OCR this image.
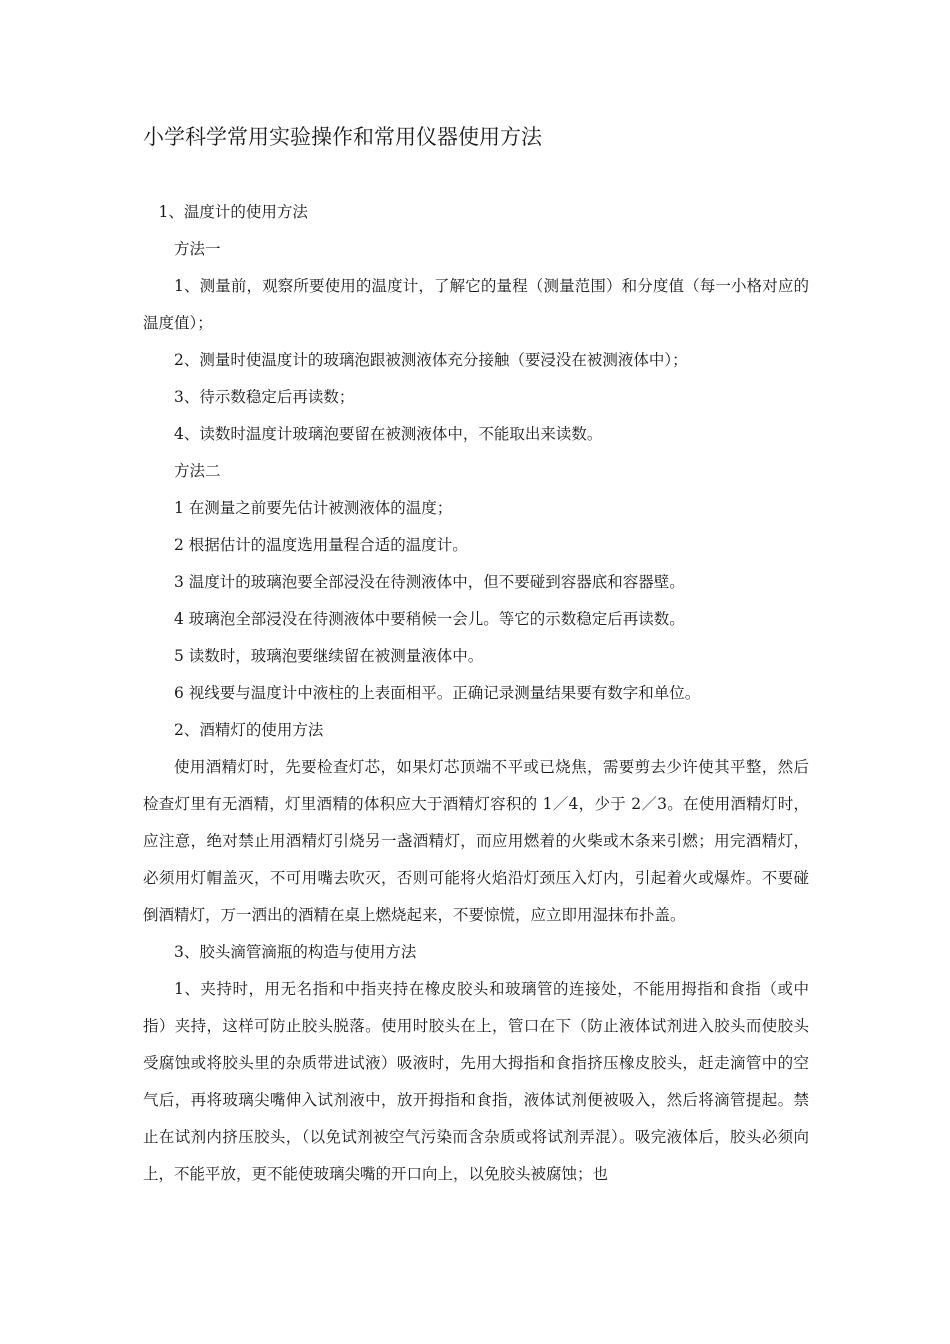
小学科学常用实验操作和常用仪器使用方法

1、温度计的使用方法

方法一

1、测量前，观察所要使用的温度计，了解它的量程（测量范围）和分度值（每一小格对应的温度值）；

2、测量时使温度计的玻璃泡跟被测液体充分接触（要浸没在被测液体中）；

3、待示数稳定后再读数；

4、读数时温度计玻璃泡要留在被测液体中，不能取出来读数。

方法二

1 在测量之前要先估计被测液体的温度；

2 根据估计的温度选用量程合适的温度计。

3 温度计的玻璃泡要全部浸没在待测液体中，但不要碰到容器底和容器壁。

4 玻璃泡全部浸没在待测液体中要稍候一会儿。等它的示数稳定后再读数。

5 读数时，玻璃泡要继续留在被测量液体中。

6 视线要与温度计中液柱的上表面相平。正确记录测量结果要有数字和单位。

2、酒精灯的使用方法

使用酒精灯时，先要检查灯芯，如果灯芯顶端不平或已烧焦，需要剪去少许使其平整，然后检查灯里有无酒精，灯里酒精的体积应大于酒精灯容积的 1／4，少于 2／3。在使用酒精灯时，应注意，绝对禁止用酒精灯引烧另一盏酒精灯，而应用燃着的火柴或木条来引燃；用完酒精灯，必须用灯帽盖灭，不可用嘴去吹灭，否则可能将火焰沿灯颈压入灯内，引起着火或爆炸。不要碰倒酒精灯，万一洒出的酒精在桌上燃烧起来，不要惊慌，应立即用湿抹布扑盖。

3、胶头滴管滴瓶的构造与使用方法

1、夹持时，用无名指和中指夹持在橡皮胶头和玻璃管的连接处，不能用拇指和食指（或中指）夹持，这样可防止胶头脱落。使用时胶头在上，管口在下（防止液体试剂进入胶头而使胶头受腐蚀或将胶头里的杂质带进试液）吸液时，先用大拇指和食指挤压橡皮胶头，赶走滴管中的空气后，再将玻璃尖嘴伸入试剂液中，放开拇指和食指，液体试剂便被吸入，然后将滴管提起。禁止在试剂内挤压胶头，（以免试剂被空气污染而含杂质或将试剂弄混）。吸完液体后，胶头必须向上，不能平放，更不能使玻璃尖嘴的开口向上，以免胶头被腐蚀；也
